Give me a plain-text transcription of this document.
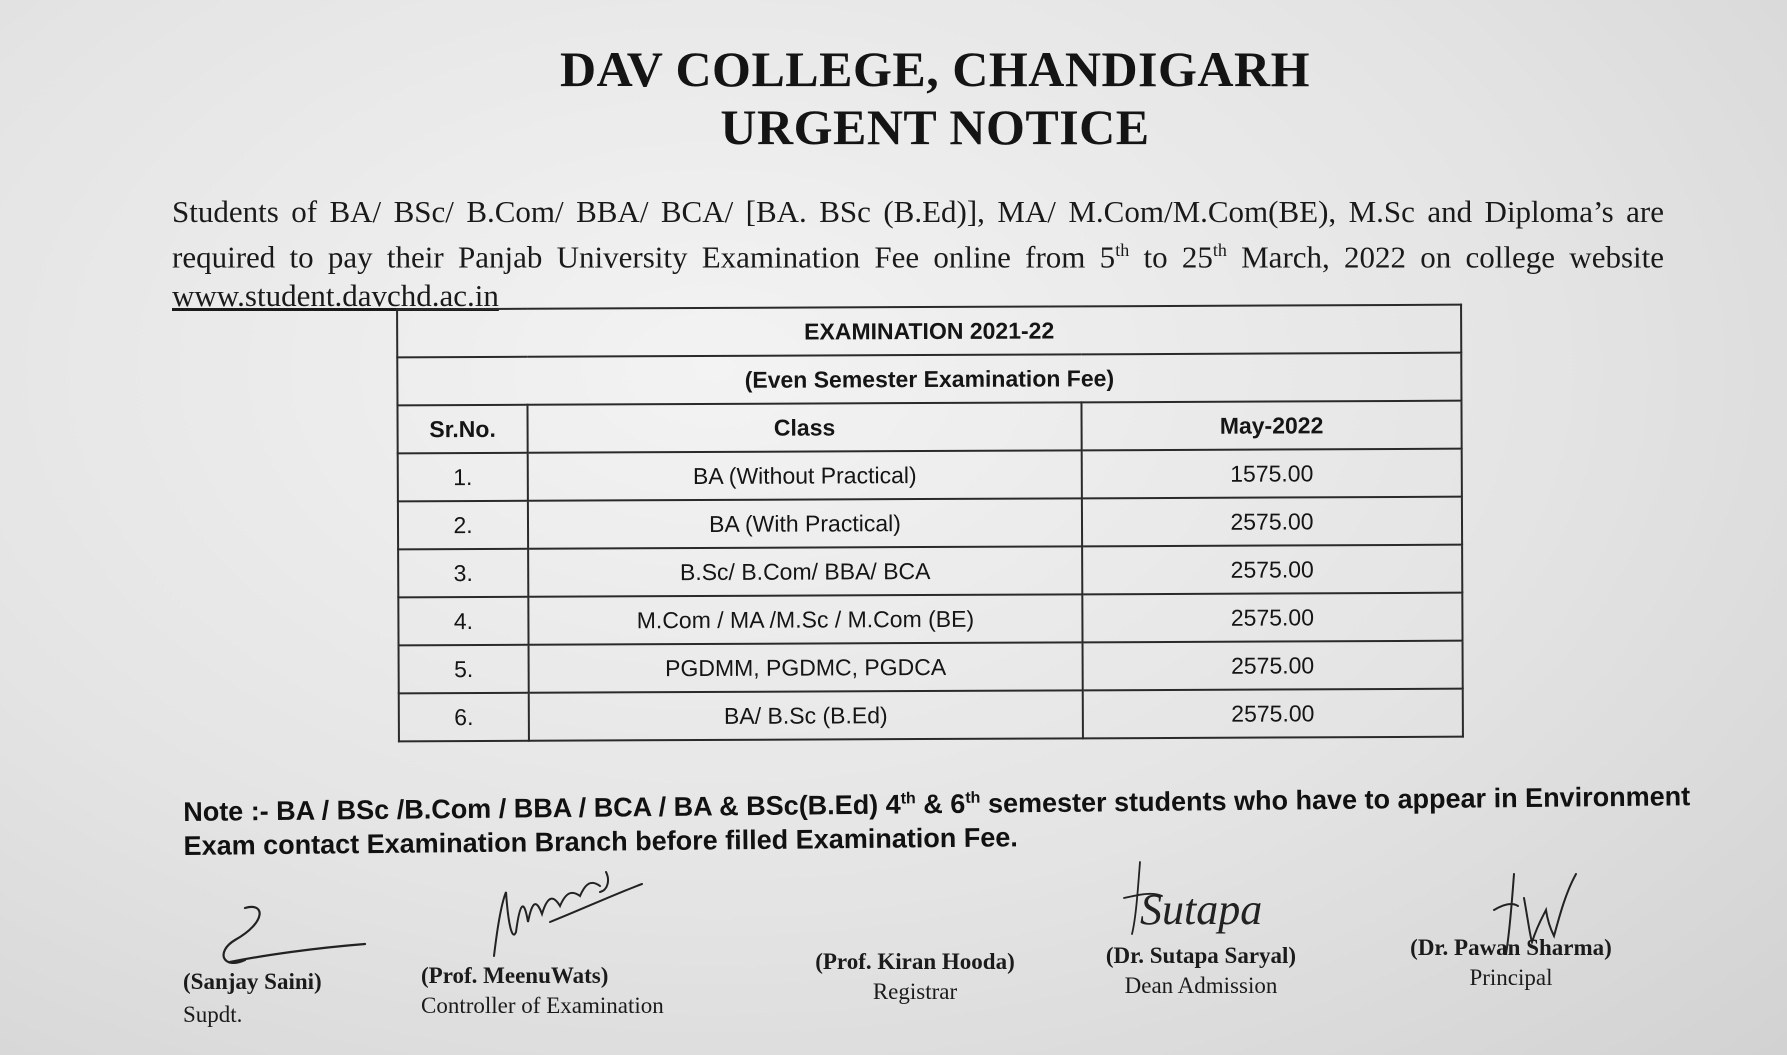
DAV COLLEGE, CHANDIGARH
URGENT NOTICE
Students of BA/ BSc/ B.Com/ BBA/ BCA/ [BA. BSc (B.Ed)], MA/ M.Com/M.Com(BE), M.Sc and Diploma’s are required to pay their Panjab University Examination Fee online from 5th to 25th March, 2022 on college website www.student.davchd.ac.in
EXAMINATION 2021-22		
(Even Semester Examination Fee)		
Sr.No.	Class	May-2022
1.	BA (Without Practical)	1575.00
2.	BA (With Practical)	2575.00
3.	B.Sc/ B.Com/ BBA/ BCA	2575.00
4.	M.Com / MA /M.Sc / M.Com (BE)	2575.00
5.	PGDMM, PGDMC, PGDCA	2575.00
6.	BA/ B.Sc (B.Ed)	2575.00
Note :- BA / BSc /B.Com / BBA / BCA / BA & BSc(B.Ed) 4th & 6th semester students who have to appear in Environment Exam contact Examination Branch before filled Examination Fee.
Sutapa
(Sanjay Saini)
Supdt.
(Prof. MeenuWats)
Controller of Examination
(Prof. Kiran Hooda)
Registrar
(Dr. Sutapa Saryal)
Dean Admission
(Dr. Pawan Sharma)
Principal
